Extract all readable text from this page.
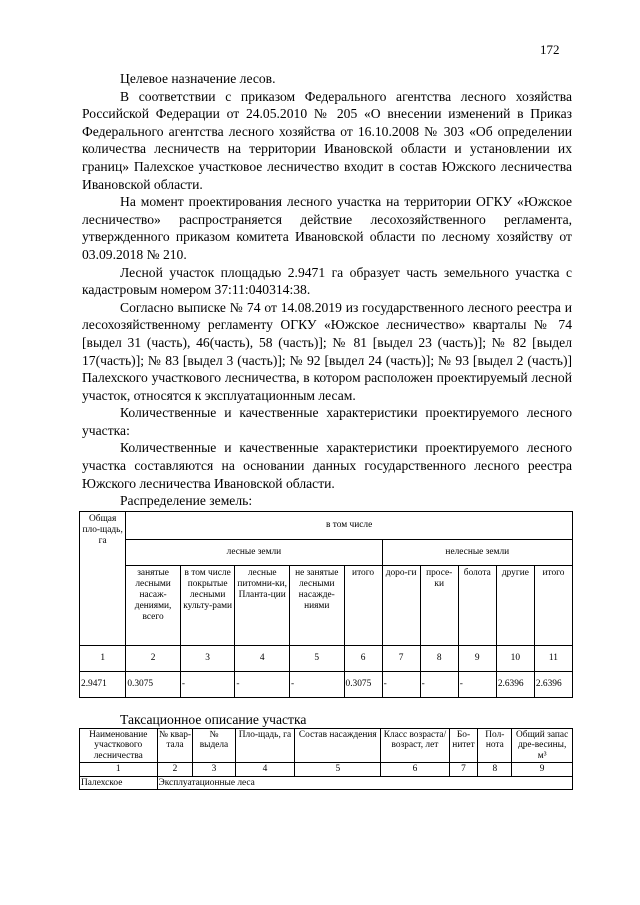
172

Целевое назначение лесов.

В соответствии с приказом Федерального агентства лесного хозяйства Российской Федерации от 24.05.2010 № 205 «О внесении изменений в Приказ Федерального агентства лесного хозяйства от 16.10.2008 № 303 «Об определении количества лесничеств на территории Ивановской области и установлении их границ» Палехское участковое лесничество входит в состав Южского лесничества Ивановской области.

На момент проектирования лесного участка на территории ОГКУ «Южское лесничество» распространяется действие лесохозяйственного регламента, утвержденного приказом комитета Ивановской области по лесному хозяйству от 03.09.2018 № 210.

Лесной участок площадью 2.9471 га образует часть земельного участка с кадастровым номером 37:11:040314:38.

Согласно выписке № 74 от 14.08.2019 из государственного лесного реестра и лесохозяйственному регламенту ОГКУ «Южское лесничество» кварталы № 74 [выдел 31 (часть), 46(часть), 58 (часть)]; № 81 [выдел 23 (часть)]; № 82 [выдел 17(часть)]; № 83 [выдел 3 (часть)]; № 92 [выдел 24 (часть)]; № 93 [выдел 2 (часть)] Палехского участкового лесничества, в котором расположен проектируемый лесной участок, относятся к эксплуатационным лесам.

Количественные и качественные характеристики проектируемого лесного участка:

Количественные и качественные характеристики проектируемого лесного участка составляются на основании данных государственного лесного реестра Южского лесничества Ивановской области.

Распределение земель:

Общая пло-щадь, га	в том числе									
	лесные земли					нелесные земли				
	занятые лесными насаж-дениями, всего	в том числе покрытые лесными культу-рами	лесные питомни-ки, Планта-ции	не занятые лесными насажде-ниями	итого	доро-ги	просе-ки	болота	другие	итого
1	2	3	4	5	6	7	8	9	10	11
2.9471	0.3075	-	-	-	0.3075	-	-	-	2.6396	2.6396

Таксационное описание участка

Наименование участкового лесничества	№ квар-тала	№ выдела	Пло-щадь, га	Состав насаждения	Класс возраста/ возраст, лет	Бо-нитет	Пол-нота	Общий запас дре-весины, м³
1	2	3	4	5	6	7	8	9
Палехское	Эксплуатационные леса							
